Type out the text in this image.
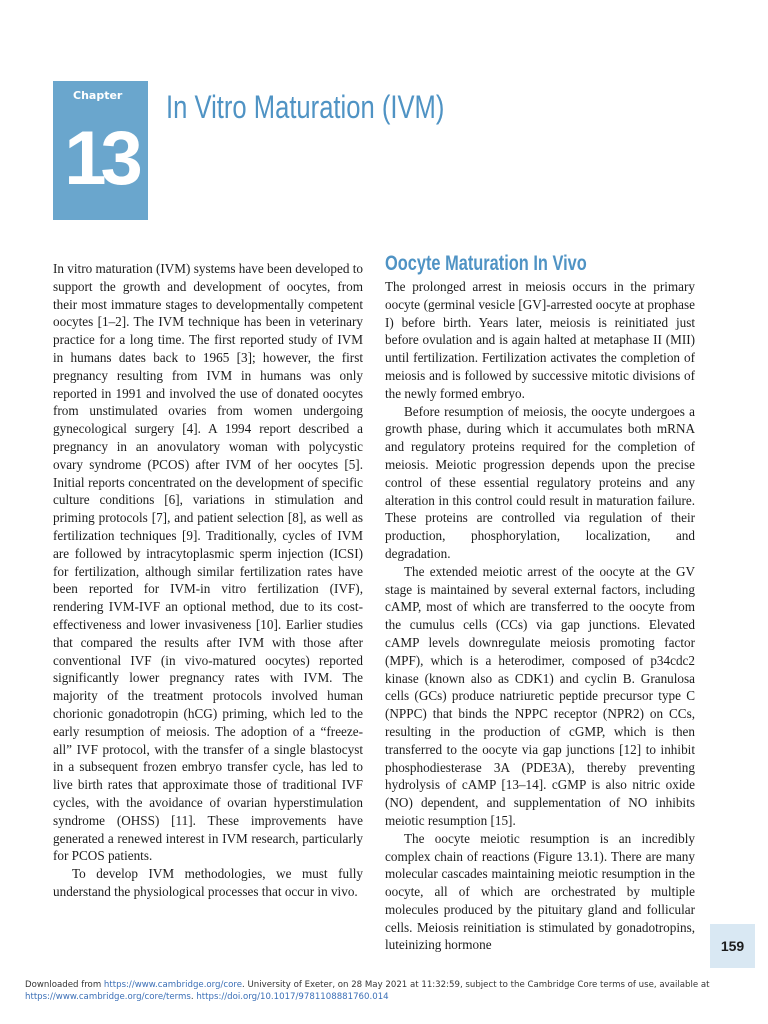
Chapter
13
In Vitro Maturation (IVM)

In vitro maturation (IVM) systems have been developed to support the growth and development of oocytes, from their most immature stages to developmentally competent oocytes [1–2]. The IVM technique has been in veterinary practice for a long time. The first reported study of IVM in humans dates back to 1965 [3]; however, the first pregnancy resulting from IVM in humans was only reported in 1991 and involved the use of donated oocytes from unstimulated ovaries from women undergoing gynecological surgery [4]. A 1994 report described a pregnancy in an anovulatory woman with polycystic ovary syndrome (PCOS) after IVM of her oocytes [5]. Initial reports concentrated on the development of specific culture conditions [6], variations in stimulation and priming protocols [7], and patient selection [8], as well as fertilization techniques [9]. Traditionally, cycles of IVM are followed by intracytoplasmic sperm injection (ICSI) for fertilization, although similar fertilization rates have been reported for IVM-in vitro fertilization (IVF), rendering IVM-IVF an optional method, due to its cost-effectiveness and lower invasiveness [10]. Earlier studies that compared the results after IVM with those after conventional IVF (in vivo-matured oocytes) reported significantly lower pregnancy rates with IVM. The majority of the treatment protocols involved human chorionic gonadotropin (hCG) priming, which led to the early resumption of meiosis. The adoption of a “freeze-all” IVF protocol, with the transfer of a single blastocyst in a subsequent frozen embryo transfer cycle, has led to live birth rates that approximate those of traditional IVF cycles, with the avoidance of ovarian hyperstimulation syndrome (OHSS) [11]. These improvements have generated a renewed interest in IVM research, particularly for PCOS patients.

To develop IVM methodologies, we must fully understand the physiological processes that occur in vivo.

Oocyte Maturation In Vivo

The prolonged arrest in meiosis occurs in the primary oocyte (germinal vesicle [GV]-arrested oocyte at prophase I) before birth. Years later, meiosis is reinitiated just before ovulation and is again halted at metaphase II (MII) until fertilization. Fertilization activates the completion of meiosis and is followed by successive mitotic divisions of the newly formed embryo.

Before resumption of meiosis, the oocyte undergoes a growth phase, during which it accumulates both mRNA and regulatory proteins required for the completion of meiosis. Meiotic progression depends upon the precise control of these essential regulatory proteins and any alteration in this control could result in maturation failure. These proteins are controlled via regulation of their production, phosphorylation, localization, and degradation.

The extended meiotic arrest of the oocyte at the GV stage is maintained by several external factors, including cAMP, most of which are transferred to the oocyte from the cumulus cells (CCs) via gap junctions. Elevated cAMP levels downregulate meiosis promoting factor (MPF), which is a heterodimer, composed of p34cdc2 kinase (known also as CDK1) and cyclin B. Granulosa cells (GCs) produce natriuretic peptide precursor type C (NPPC) that binds the NPPC receptor (NPR2) on CCs, resulting in the production of cGMP, which is then transferred to the oocyte via gap junctions [12] to inhibit phosphodiesterase 3A (PDE3A), thereby preventing hydrolysis of cAMP [13–14]. cGMP is also nitric oxide (NO) dependent, and supplementation of NO inhibits meiotic resumption [15].

The oocyte meiotic resumption is an incredibly complex chain of reactions (Figure 13.1). There are many molecular cascades maintaining meiotic resumption in the oocyte, all of which are orchestrated by multiple molecules produced by the pituitary gland and follicular cells. Meiosis reinitiation is stimulated by gonadotropins, luteinizing hormone	159
Downloaded from https://www.cambridge.org/core. University of Exeter, on 28 May 2021 at 11:32:59, subject to the Cambridge Core terms of use, available at
https://www.cambridge.org/core/terms. https://doi.org/10.1017/9781108881760.014
